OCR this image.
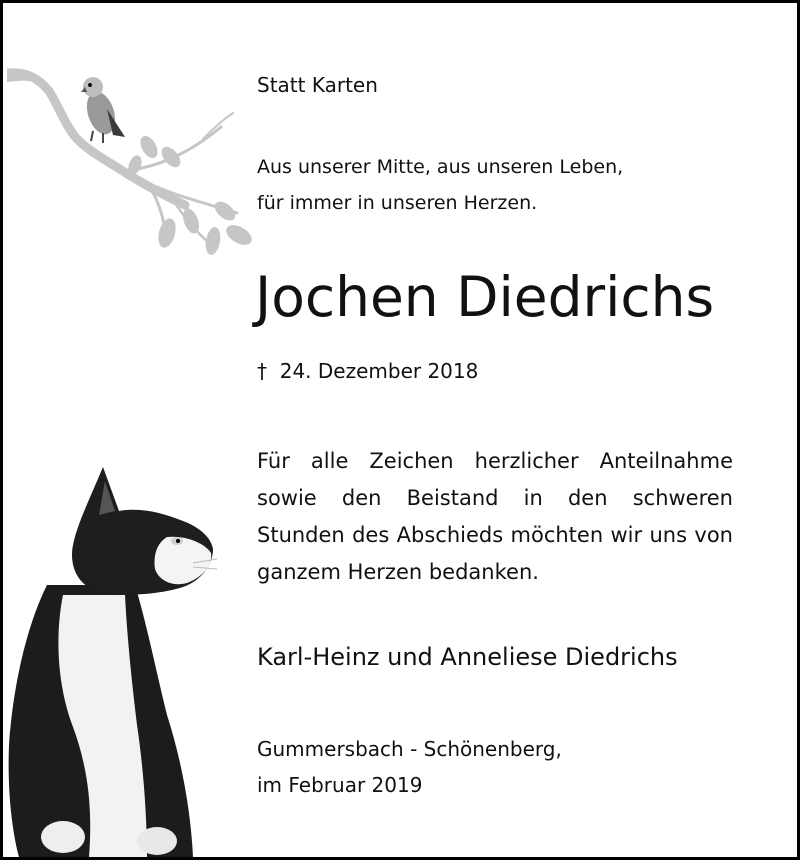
Statt Karten

Aus unserer Mitte, aus unseren Leben,
für immer in unseren Herzen.

Jochen Diedrichs

† 24. Dezember 2018

Für alle Zeichen herzlicher Anteilnahme sowie den Beistand in den schweren Stunden des Abschieds möchten wir uns von ganzem Herzen bedanken.

Karl-Heinz und Anneliese Diedrichs

Gummersbach - Schönenberg,
im Februar 2019
